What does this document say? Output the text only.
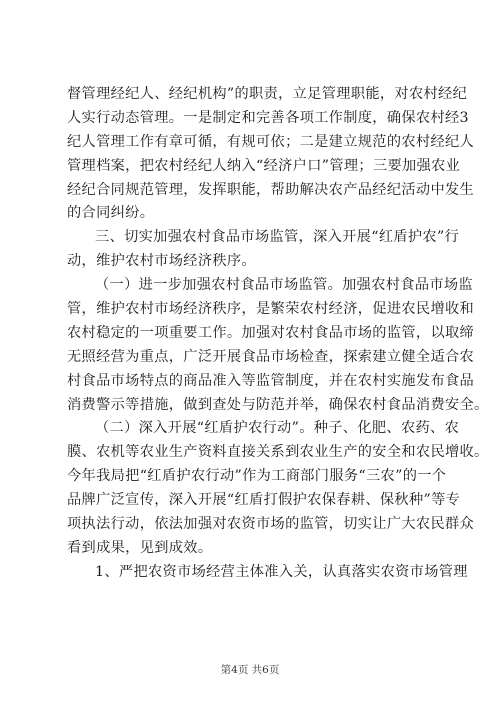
督管理经纪人、经纪机构”的职责，立足管理职能，对农村经纪
人实行动态管理。一是制定和完善各项工作制度，确保农村经3
纪人管理工作有章可循，有规可依；二是建立规范的农村经纪人
管理档案，把农村经纪人纳入“经济户口”管理；三要加强农业
经纪合同规范管理，发挥职能，帮助解决农产品经纪活动中发生
的合同纠纷。
三、切实加强农村食品市场监管，深入开展“红盾护农”行
动，维护农村市场经济秩序。
（一）进一步加强农村食品市场监管。加强农村食品市场监
管，维护农村市场经济秩序，是繁荣农村经济，促进农民增收和
农村稳定的一项重要工作。加强对农村食品市场的监管，以取缔
无照经营为重点，广泛开展食品市场检查，探索建立健全适合农
村食品市场特点的商品准入等监管制度，并在农村实施发布食品
消费警示等措施，做到查处与防范并举，确保农村食品消费安全。
（二）深入开展“红盾护农行动”。种子、化肥、农药、农
膜、农机等农业生产资料直接关系到农业生产的安全和农民增收。
今年我局把“红盾护农行动”作为工商部门服务“三农”的一个
品牌广泛宣传，深入开展“红盾打假护农保春耕、保秋种”等专
项执法行动，依法加强对农资市场的监管，切实让广大农民群众
看到成果，见到成效。
1、严把农资市场经营主体准入关，认真落实农资市场管理
第4页 共6页
